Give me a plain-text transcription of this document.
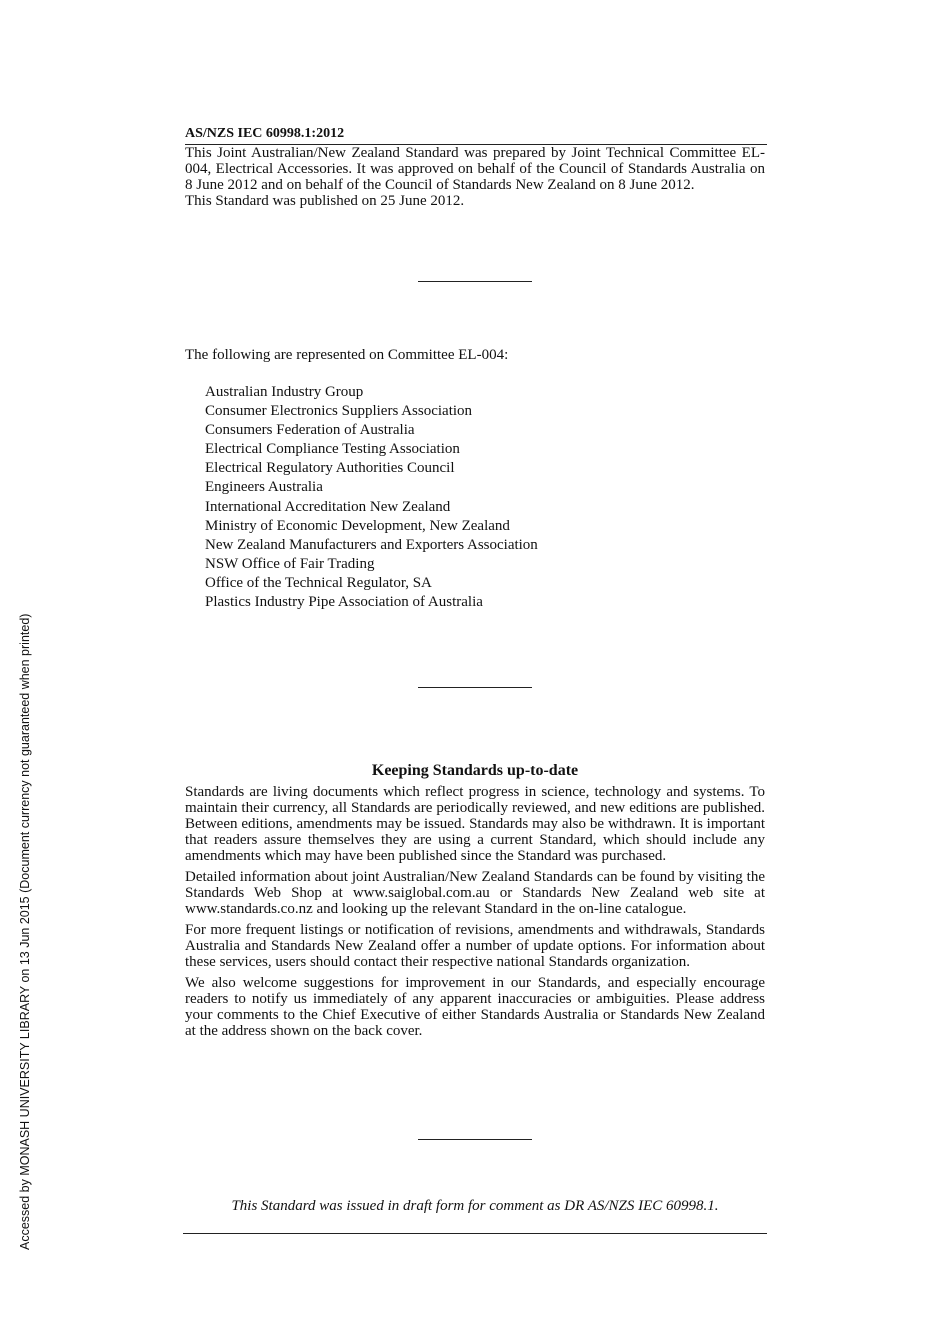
Accessed by MONASH UNIVERSITY LIBRARY on 13 Jun 2015 (Document currency not guaranteed when printed)
AS/NZS IEC 60998.1:2012

This Joint Australian/New Zealand Standard was prepared by Joint Technical Committee EL-004, Electrical Accessories. It was approved on behalf of the Council of Standards Australia on 8 June 2012 and on behalf of the Council of Standards New Zealand on 8 June 2012.

This Standard was published on 25 June 2012.

The following are represented on Committee EL-004:
Australian Industry Group
Consumer Electronics Suppliers Association
Consumers Federation of Australia
Electrical Compliance Testing Association
Electrical Regulatory Authorities Council
Engineers Australia
International Accreditation New Zealand
Ministry of Economic Development, New Zealand
New Zealand Manufacturers and Exporters Association
NSW Office of Fair Trading
Office of the Technical Regulator, SA
Plastics Industry Pipe Association of Australia
Keeping Standards up-to-date

Standards are living documents which reflect progress in science, technology and systems. To maintain their currency, all Standards are periodically reviewed, and new editions are published. Between editions, amendments may be issued. Standards may also be withdrawn. It is important that readers assure themselves they are using a current Standard, which should include any amendments which may have been published since the Standard was purchased.

Detailed information about joint Australian/New Zealand Standards can be found by visiting the Standards Web Shop at www.saiglobal.com.au or Standards New Zealand web site at www.standards.co.nz and looking up the relevant Standard in the on-line catalogue.

For more frequent listings or notification of revisions, amendments and withdrawals, Standards Australia and Standards New Zealand offer a number of update options. For information about these services, users should contact their respective national Standards organization.

We also welcome suggestions for improvement in our Standards, and especially encourage readers to notify us immediately of any apparent inaccuracies or ambiguities. Please address your comments to the Chief Executive of either Standards Australia or Standards New Zealand at the address shown on the back cover.

This Standard was issued in draft form for comment as DR AS/NZS IEC 60998.1.
